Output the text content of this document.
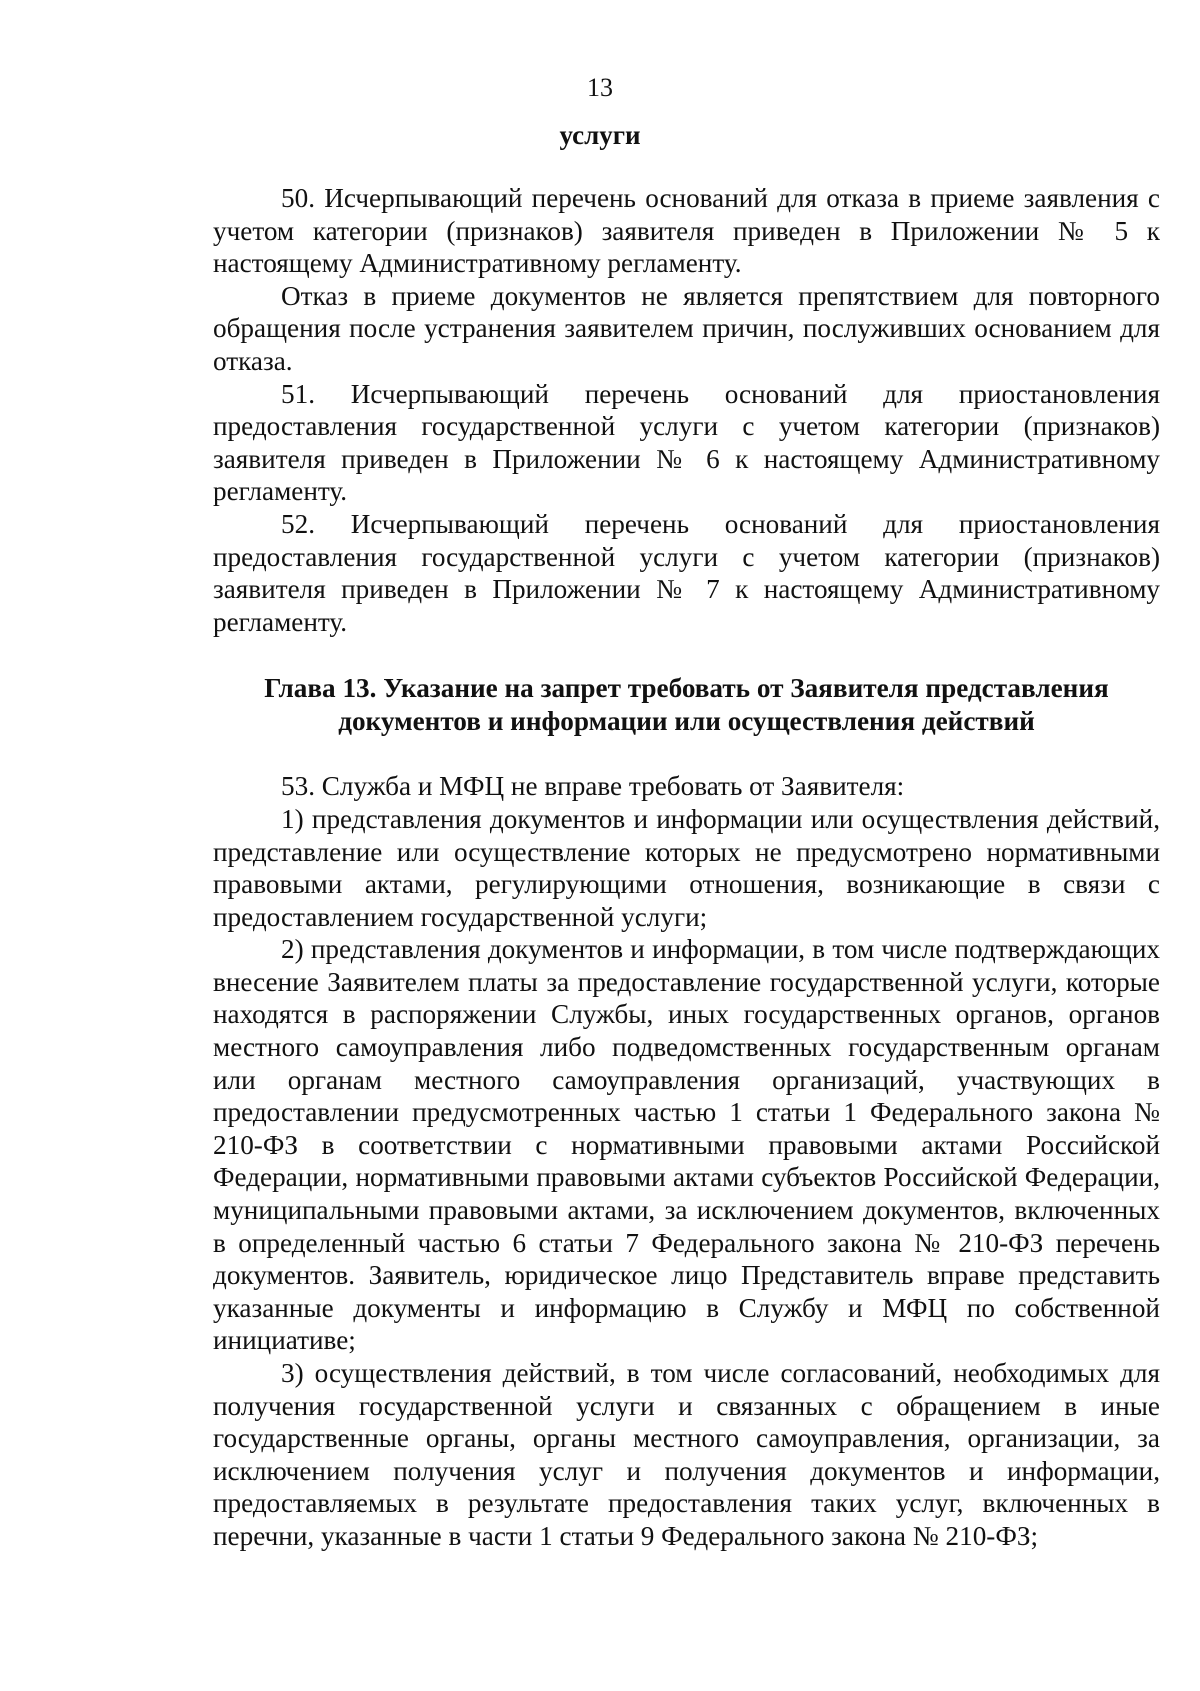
13
услуги

50. Исчерпывающий перечень оснований для отказа в приеме заявления с учетом категории (признаков) заявителя приведен в Приложении № 5 к настоящему Административному регламенту.

Отказ в приеме документов не является препятствием для повторного обращения после устранения заявителем причин, послуживших основанием для отказа.

51. Исчерпывающий перечень оснований для приостановления предоставления государственной услуги с учетом категории (признаков) заявителя приведен в Приложении № 6 к настоящему Административному регламенту.

52. Исчерпывающий перечень оснований для приостановления предоставления государственной услуги с учетом категории (признаков) заявителя приведен в Приложении № 7 к настоящему Административному регламенту.

Глава 13. Указание на запрет требовать от Заявителя представления
документов и информации или осуществления действий

53. Служба и МФЦ не вправе требовать от Заявителя:

1) представления документов и информации или осуществления действий, представление или осуществление которых не предусмотрено нормативными правовыми актами, регулирующими отношения, возникающие в связи с предоставлением государственной услуги;

2) представления документов и информации, в том числе подтверждающих внесение Заявителем платы за предоставление государственной услуги, которые находятся в распоряжении Службы, иных государственных органов, органов местного самоуправления либо подведомственных государственным органам или органам местного самоуправления организаций, участвующих в предоставлении предусмотренных частью 1 статьи 1 Федерального закона № 210-ФЗ в соответствии с нормативными правовыми актами Российской Федерации, нормативными правовыми актами субъектов Российской Федерации, муниципальными правовыми актами, за исключением документов, включенных в определенный частью 6 статьи 7 Федерального закона № 210-ФЗ перечень документов. Заявитель, юридическое лицо Представитель вправе представить указанные документы и информацию в Службу и МФЦ по собственной инициативе;

3) осуществления действий, в том числе согласований, необходимых для получения государственной услуги и связанных с обращением в иные государственные органы, органы местного самоуправления, организации, за исключением получения услуг и получения документов и информации, предоставляемых в результате предоставления таких услуг, включенных в перечни, указанные в части 1 статьи 9 Федерального закона № 210-ФЗ;
